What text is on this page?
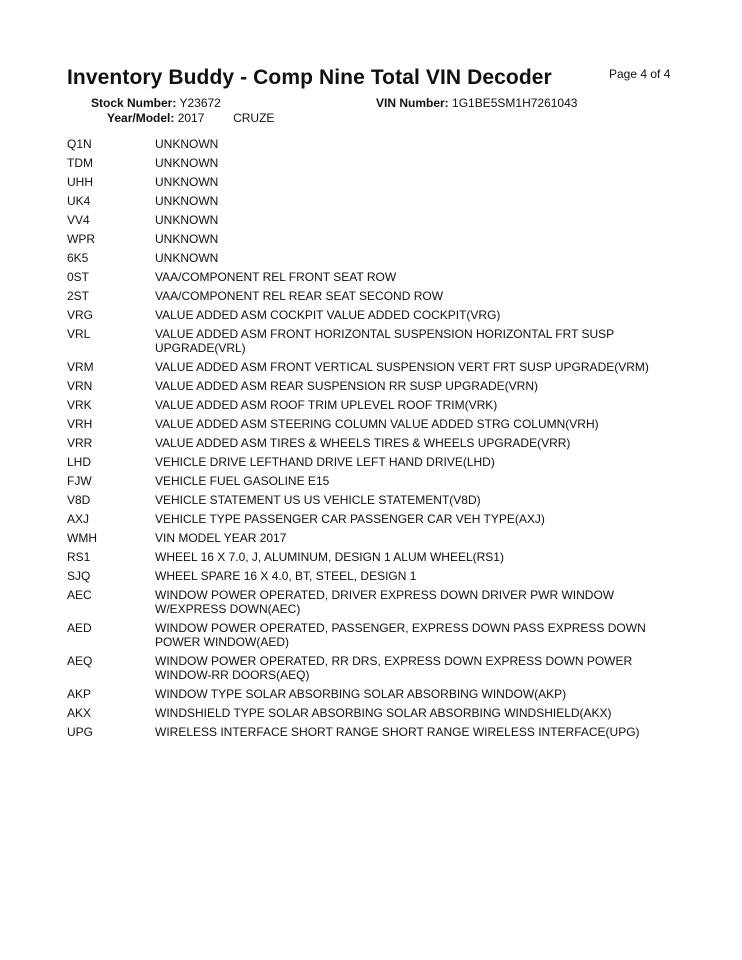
Inventory Buddy - Comp Nine Total VIN Decoder	Page 4 of 4
Stock Number: Y23672	VIN Number: 1G1BE5SM1H7261043
Year/Model: 2017 CRUZE
Q1N	UNKNOWN
TDM	UNKNOWN
UHH	UNKNOWN
UK4	UNKNOWN
VV4	UNKNOWN
WPR	UNKNOWN
6K5	UNKNOWN
0ST	VAA/COMPONENT REL FRONT SEAT ROW
2ST	VAA/COMPONENT REL REAR SEAT SECOND ROW
VRG	VALUE ADDED ASM COCKPIT VALUE ADDED COCKPIT(VRG)
VRL	VALUE ADDED ASM FRONT HORIZONTAL SUSPENSION HORIZONTAL FRT SUSP UPGRADE(VRL)
VRM	VALUE ADDED ASM FRONT VERTICAL SUSPENSION VERT FRT SUSP UPGRADE(VRM)
VRN	VALUE ADDED ASM REAR SUSPENSION RR SUSP UPGRADE(VRN)
VRK	VALUE ADDED ASM ROOF TRIM UPLEVEL ROOF TRIM(VRK)
VRH	VALUE ADDED ASM STEERING COLUMN VALUE ADDED STRG COLUMN(VRH)
VRR	VALUE ADDED ASM TIRES & WHEELS TIRES & WHEELS UPGRADE(VRR)
LHD	VEHICLE DRIVE LEFTHAND DRIVE LEFT HAND DRIVE(LHD)
FJW	VEHICLE FUEL GASOLINE E15
V8D	VEHICLE STATEMENT US US VEHICLE STATEMENT(V8D)
AXJ	VEHICLE TYPE PASSENGER CAR PASSENGER CAR VEH TYPE(AXJ)
WMH	VIN MODEL YEAR 2017
RS1	WHEEL 16 X 7.0, J, ALUMINUM, DESIGN 1 ALUM WHEEL(RS1)
SJQ	WHEEL SPARE 16 X 4.0, BT, STEEL, DESIGN 1
AEC	WINDOW POWER OPERATED, DRIVER EXPRESS DOWN DRIVER PWR WINDOW W/EXPRESS DOWN(AEC)
AED	WINDOW POWER OPERATED, PASSENGER, EXPRESS DOWN PASS EXPRESS DOWN POWER WINDOW(AED)
AEQ	WINDOW POWER OPERATED, RR DRS, EXPRESS DOWN EXPRESS DOWN POWER WINDOW-RR DOORS(AEQ)
AKP	WINDOW TYPE SOLAR ABSORBING SOLAR ABSORBING WINDOW(AKP)
AKX	WINDSHIELD TYPE SOLAR ABSORBING SOLAR ABSORBING WINDSHIELD(AKX)
UPG	WIRELESS INTERFACE SHORT RANGE SHORT RANGE WIRELESS INTERFACE(UPG)
